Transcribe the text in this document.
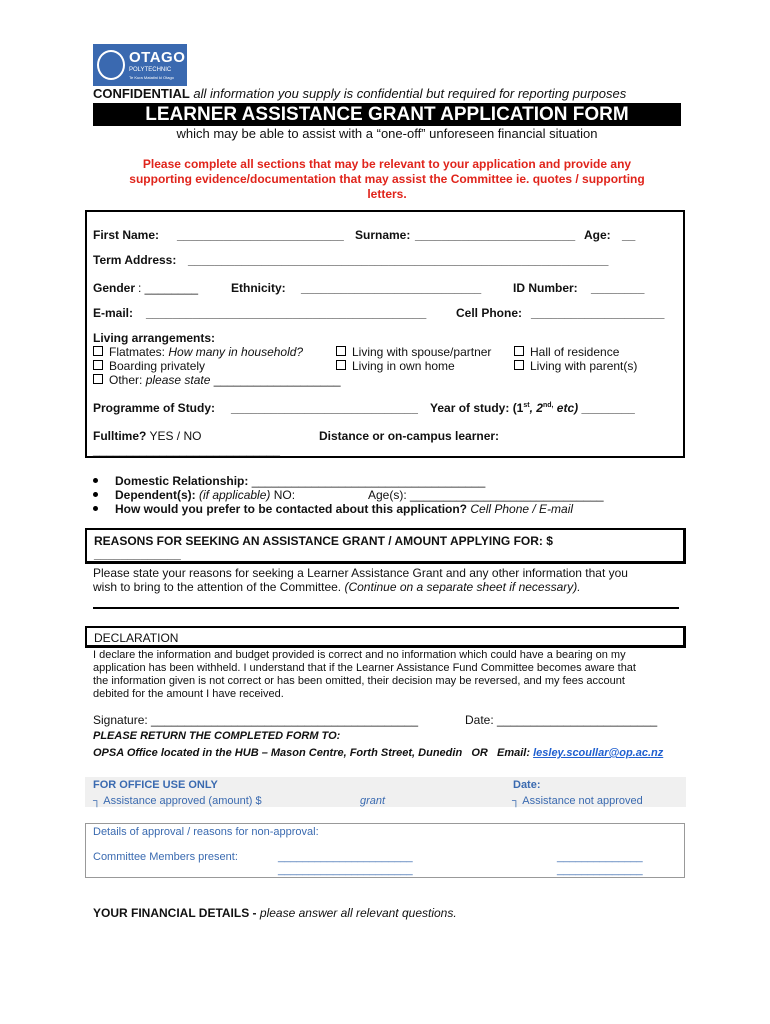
OTAGO
POLYTECHNIC
Te Kura Matatini ki Otago
CONFIDENTIAL all information you supply is confidential but required for reporting purposes
LEARNER ASSISTANCE GRANT APPLICATION FORM
which may be able to assist with a “one-off” unforeseen financial situation
Please complete all sections that may be relevant to your application and provide any
supporting evidence/documentation that may assist the Committee ie. quotes / supporting
letters.
First Name: _________________________ Surname: ________________________ Age: __
Term Address: _______________________________________________________________
Gender : ________	Ethnicity: ___________________________	ID Number: ________
E-mail: __________________________________________ Cell Phone: ____________________
Living arrangements:
Flatmates: How many in household?	Living with spouse/partner	Hall of residence
Boarding privately	Living in own home	Living with parent(s)
Other: please state ___________________
Programme of Study: ____________________________ Year of study: (1st, $2^{nd,}$ etc) ________
Fulltime? YES / NO	Distance or on-campus learner:
____________________________
Domestic Relationship: ___________________________________
Dependent(s): (if applicable) NO:	Age(s): _____________________________
How would you prefer to be contacted about this application? Cell Phone / E-mail
REASONS FOR SEEKING AN ASSISTANCE GRANT / AMOUNT APPLYING FOR: $
_____________
Please state your reasons for seeking a Learner Assistance Grant and any other information that you
wish to bring to the attention of the Committee. (Continue on a separate sheet if necessary).
DECLARATION
I declare the information and budget provided is correct and no information which could have a bearing on my
application has been withheld. I understand that if the Learner Assistance Fund Committee becomes aware that
the information given is not correct or has been omitted, their decision may be reversed, and my fees account
debited for the amount I have received.
Signature: ________________________________________	Date: ________________________
PLEASE RETURN THE COMPLETED FORM TO:
OPSA Office located in the HUB – Mason Centre, Forth Street, Dunedin OR Email: lesley.scoullar@op.ac.nz
FOR OFFICE USE ONLY	Date:
┐ Assistance approved (amount) $	grant	┐ Assistance not approved
Details of approval / reasons for non-approval:
Committee Members present:	______________________	______________
______________________	______________
YOUR FINANCIAL DETAILS - please answer all relevant questions.
